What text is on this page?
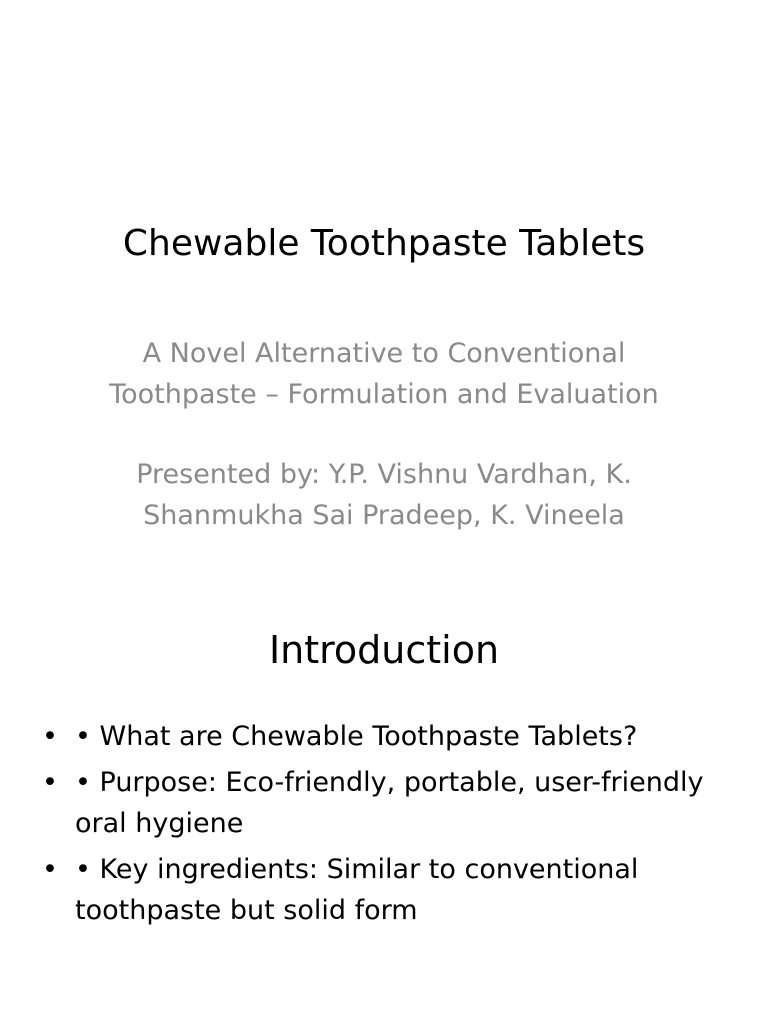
Chewable Toothpaste Tablets

A Novel Alternative to Conventional Toothpaste – Formulation and Evaluation

Presented by: Y.P. Vishnu Vardhan, K. Shanmukha Sai Pradeep, K. Vineela

Introduction
• • What are Chewable Toothpaste Tablets?
• • Purpose: Eco-friendly, portable, user-friendly oral hygiene
• • Key ingredients: Similar to conventional toothpaste but solid form
